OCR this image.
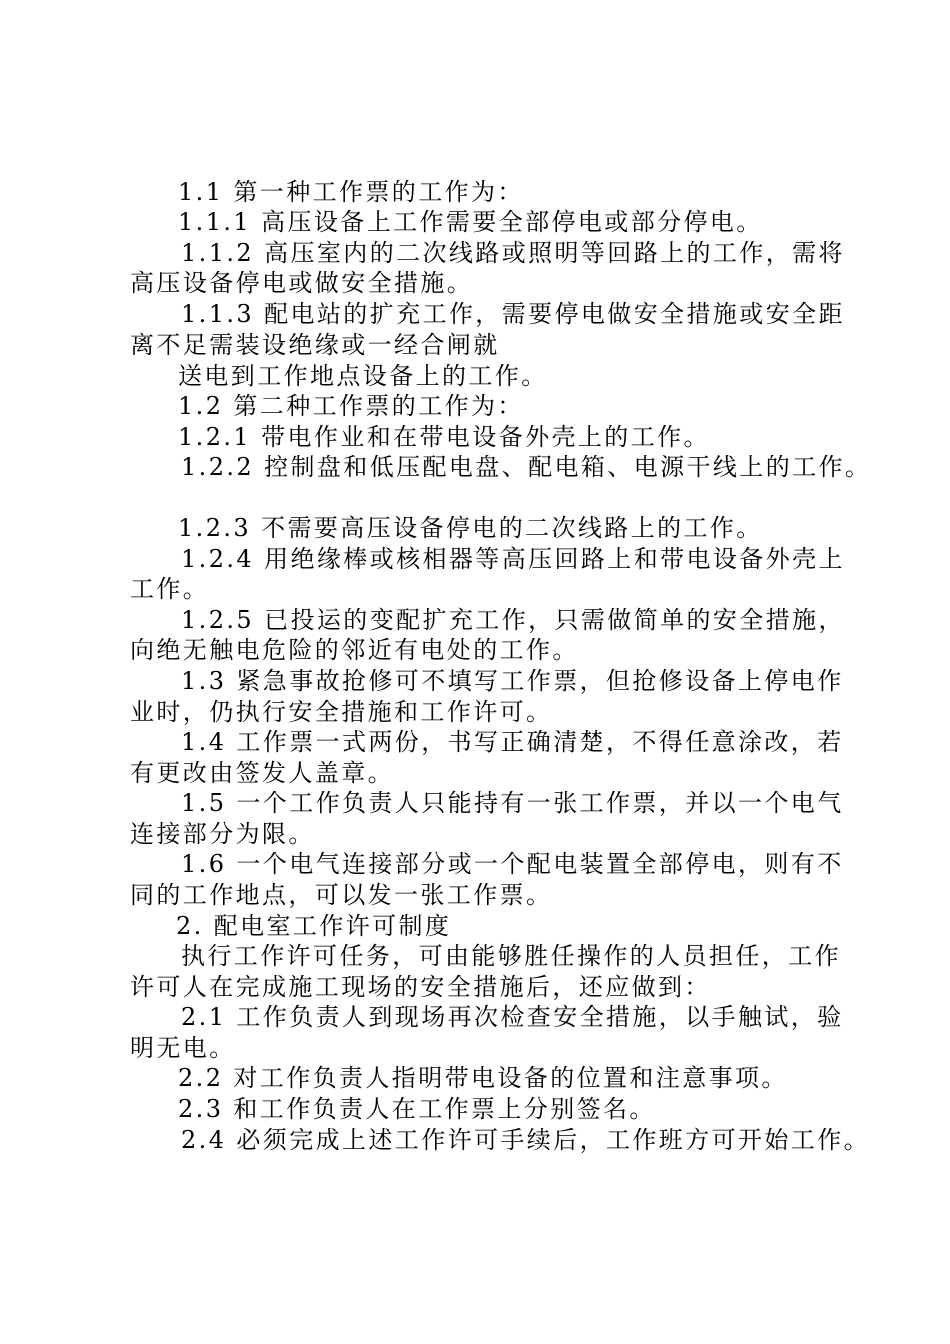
1.1 第一种工作票的工作为：
1.1.1 高压设备上工作需要全部停电或部分停电。
1.1.2 高压室内的二次线路或照明等回路上的工作，需将
高压设备停电或做安全措施。
1.1.3 配电站的扩充工作，需要停电做安全措施或安全距
离不足需装设绝缘或一经合闸就
送电到工作地点设备上的工作。
1.2 第二种工作票的工作为：
1.2.1 带电作业和在带电设备外壳上的工作。
1.2.2 控制盘和低压配电盘、配电箱、电源干线上的工作。
1.2.3 不需要高压设备停电的二次线路上的工作。
1.2.4 用绝缘棒或核相器等高压回路上和带电设备外壳上
工作。
1.2.5 已投运的变配扩充工作，只需做简单的安全措施，
向绝无触电危险的邻近有电处的工作。
1.3 紧急事故抢修可不填写工作票，但抢修设备上停电作
业时，仍执行安全措施和工作许可。
1.4 工作票一式两份，书写正确清楚，不得任意涂改，若
有更改由签发人盖章。
1.5 一个工作负责人只能持有一张工作票，并以一个电气
连接部分为限。
1.6 一个电气连接部分或一个配电装置全部停电，则有不
同的工作地点，可以发一张工作票。
2. 配电室工作许可制度
执行工作许可任务，可由能够胜任操作的人员担任，工作
许可人在完成施工现场的安全措施后，还应做到：
2.1 工作负责人到现场再次检查安全措施，以手触试，验
明无电。
2.2 对工作负责人指明带电设备的位置和注意事项。
2.3 和工作负责人在工作票上分别签名。
2.4 必须完成上述工作许可手续后，工作班方可开始工作。
